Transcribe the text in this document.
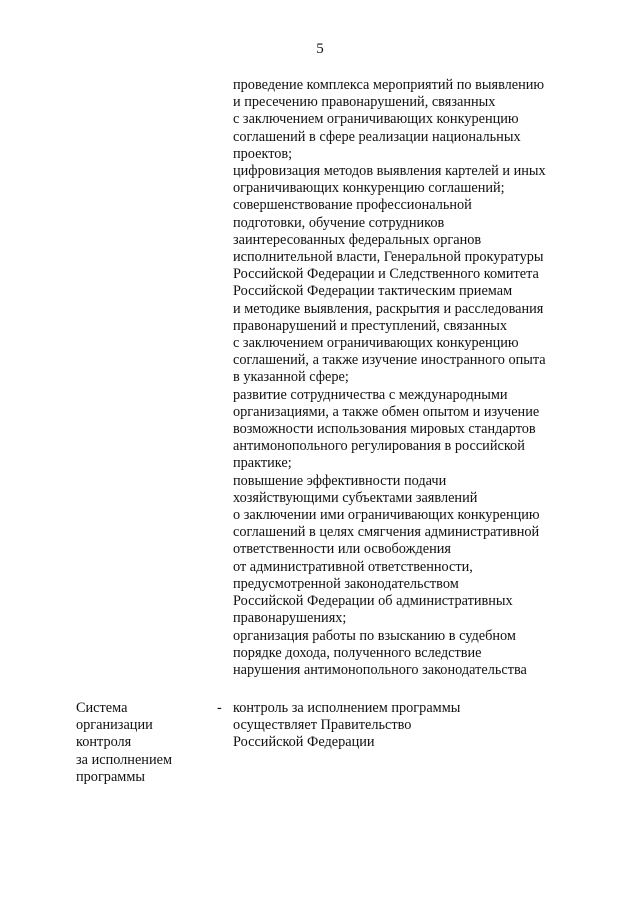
5
проведение комплекса мероприятий по выявлению
и пресечению правонарушений, связанных
с заключением ограничивающих конкуренцию
соглашений в сфере реализации национальных
проектов;
цифровизация методов выявления картелей и иных
ограничивающих конкуренцию соглашений;
совершенствование профессиональной
подготовки, обучение сотрудников
заинтересованных федеральных органов
исполнительной власти, Генеральной прокуратуры
Российской Федерации и Следственного комитета
Российской Федерации тактическим приемам
и методике выявления, раскрытия и расследования
правонарушений и преступлений, связанных
с заключением ограничивающих конкуренцию
соглашений, а также изучение иностранного опыта
в указанной сфере;
развитие сотрудничества с международными
организациями, а также обмен опытом и изучение
возможности использования мировых стандартов
антимонопольного регулирования в российской
практике;
повышение эффективности подачи
хозяйствующими субъектами заявлений
о заключении ими ограничивающих конкуренцию
соглашений в целях смягчения административной
ответственности или освобождения
от административной ответственности,
предусмотренной законодательством
Российской Федерации об административных
правонарушениях;
организация работы по взысканию в судебном
порядке дохода, полученного вследствие
нарушения антимонопольного законодательства
Система
организации
контроля
за исполнением
программы
- контроль за исполнением программы
осуществляет Правительство
Российской Федерации
